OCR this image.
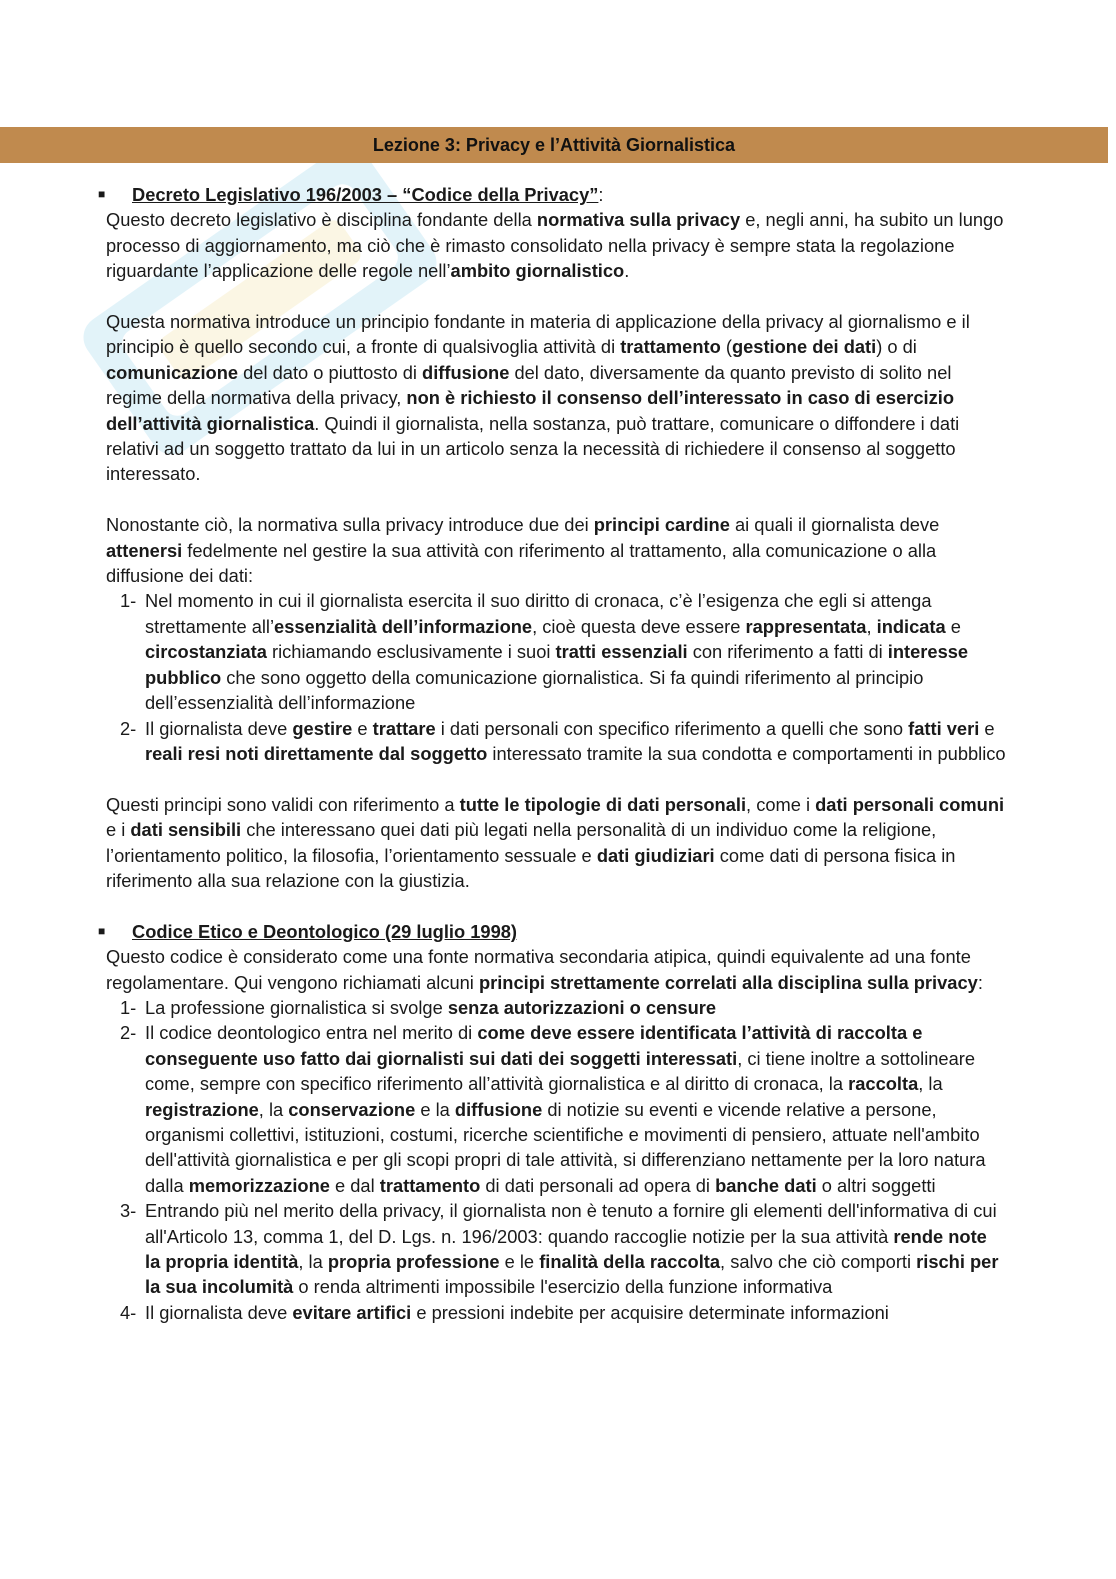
Lezione 3: Privacy e l’Attività Giornalistica
■ Decreto Legislativo 196/2003 – “Codice della Privacy”:

Questo decreto legislativo è disciplina fondante della normativa sulla privacy e, negli anni, ha subito un lungo processo di aggiornamento, ma ciò che è rimasto consolidato nella privacy è sempre stata la regolazione riguardante l’applicazione delle regole nell’ambito giornalistico.

Questa normativa introduce un principio fondante in materia di applicazione della privacy al giornalismo e il principio è quello secondo cui, a fronte di qualsivoglia attività di trattamento (gestione dei dati) o di comunicazione del dato o piuttosto di diffusione del dato, diversamente da quanto previsto di solito nel regime della normativa della privacy, non è richiesto il consenso dell’interessato in caso di esercizio dell’attività giornalistica. Quindi il giornalista, nella sostanza, può trattare, comunicare o diffondere i dati relativi ad un soggetto trattato da lui in un articolo senza la necessità di richiedere il consenso al soggetto interessato.

Nonostante ciò, la normativa sulla privacy introduce due dei principi cardine ai quali il giornalista deve attenersi fedelmente nel gestire la sua attività con riferimento al trattamento, alla comunicazione o alla diffusione dei dati:

1- Nel momento in cui il giornalista esercita il suo diritto di cronaca, c’è l’esigenza che egli si attenga strettamente all’essenzialità dell’informazione, cioè questa deve essere rappresentata, indicata e circostanziata richiamando esclusivamente i suoi tratti essenziali con riferimento a fatti di interesse pubblico che sono oggetto della comunicazione giornalistica. Si fa quindi riferimento al principio dell’essenzialità dell’informazione
2- Il giornalista deve gestire e trattare i dati personali con specifico riferimento a quelli che sono fatti veri e reali resi noti direttamente dal soggetto interessato tramite la sua condotta e comportamenti in pubblico

Questi principi sono validi con riferimento a tutte le tipologie di dati personali, come i dati personali comuni e i dati sensibili che interessano quei dati più legati nella personalità di un individuo come la religione, l’orientamento politico, la filosofia, l’orientamento sessuale e dati giudiziari come dati di persona fisica in riferimento alla sua relazione con la giustizia.

■ Codice Etico e Deontologico (29 luglio 1998)

Questo codice è considerato come una fonte normativa secondaria atipica, quindi equivalente ad una fonte regolamentare. Qui vengono richiamati alcuni principi strettamente correlati alla disciplina sulla privacy:

1- La professione giornalistica si svolge senza autorizzazioni o censure
2- Il codice deontologico entra nel merito di come deve essere identificata l’attività di raccolta e conseguente uso fatto dai giornalisti sui dati dei soggetti interessati, ci tiene inoltre a sottolineare come, sempre con specifico riferimento all’attività giornalistica e al diritto di cronaca, la raccolta, la registrazione, la conservazione e la diffusione di notizie su eventi e vicende relative a persone, organismi collettivi, istituzioni, costumi, ricerche scientifiche e movimenti di pensiero, attuate nell'ambito dell'attività giornalistica e per gli scopi propri di tale attività, si differenziano nettamente per la loro natura dalla memorizzazione e dal trattamento di dati personali ad opera di banche dati o altri soggetti
3- Entrando più nel merito della privacy, il giornalista non è tenuto a fornire gli elementi dell'informativa di cui all'Articolo 13, comma 1, del D. Lgs. n. 196/2003: quando raccoglie notizie per la sua attività rende note la propria identità, la propria professione e le finalità della raccolta, salvo che ciò comporti rischi per la sua incolumità o renda altrimenti impossibile l'esercizio della funzione informativa
4- Il giornalista deve evitare artifici e pressioni indebite per acquisire determinate informazioni
